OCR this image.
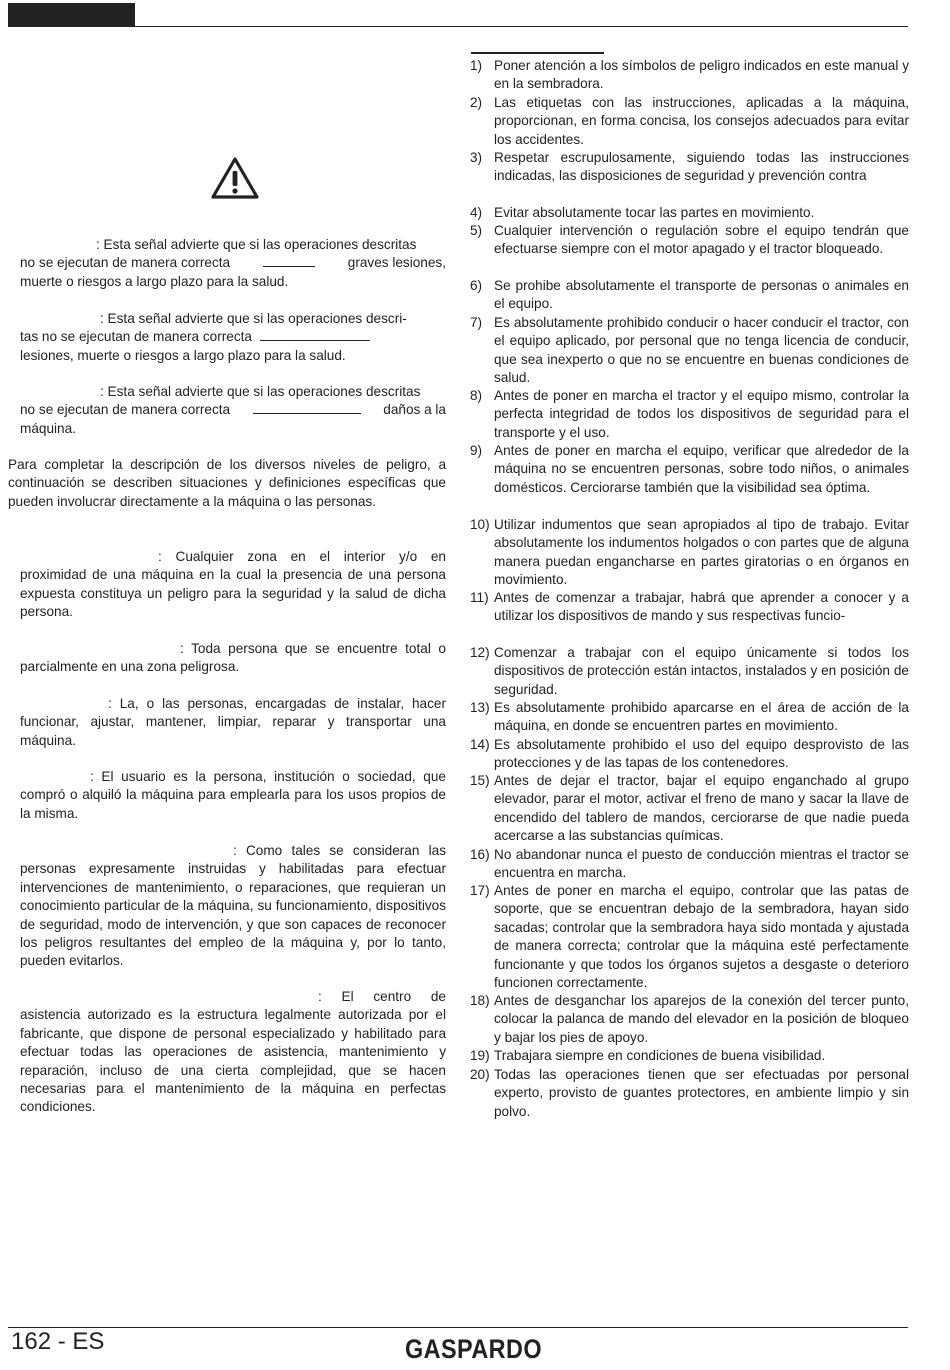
: Esta señal advierte que si las operaciones descritas
no se ejecutan de manera correcta	graves lesiones,
muerte o riesgos a largo plazo para la salud.
: Esta señal advierte que si las operaciones descri-
tas no se ejecutan de manera correcta
lesiones, muerte o riesgos a largo plazo para la salud.
: Esta señal advierte que si las operaciones descritas
no se ejecutan de manera correcta	daños a la
máquina.
Para completar la descripción de los diversos niveles de peligro, a continuación se describen situaciones y definiciones específicas que pueden involucrar directamente a la máquina o las personas.
: Cualquier zona en el interior y/o en proximidad de una máquina en la cual la presencia de una persona expuesta constituya un peligro para la seguridad y la salud de dicha persona.
: Toda persona que se encuentre total o parcialmente en una zona peligrosa.
: La, o las personas, encargadas de instalar, hacer funcionar, ajustar, mantener, limpiar, reparar y transportar una máquina.
: El usuario es la persona, institución o sociedad, que compró o alquiló la máquina para emplearla para los usos propios de la misma.
: Como tales se consideran las personas expresamente instruidas y habilitadas para efectuar intervenciones de mantenimiento, o reparaciones, que requieran un conocimiento particular de la máquina, su funcionamiento, dispositivos de seguridad, modo de intervención, y que son capaces de reconocer los peligros resultantes del empleo de la máquina y, por lo tanto, pueden evitarlos.
: El centro de asistencia autorizado es la estructura legalmente autorizada por el fabricante, que dispone de personal especializado y habilitado para efectuar todas las operaciones de asistencia, mantenimiento y reparación, incluso de una cierta complejidad, que se hacen necesarias para el mantenimiento de la máquina en perfectas condiciones.
1) Poner atención a los símbolos de peligro indicados en este manual y en la sembradora.
2) Las etiquetas con las instrucciones, aplicadas a la máquina, proporcionan, en forma concisa, los consejos adecuados para evitar los accidentes.
3) Respetar escrupulosamente, siguiendo todas las instrucciones indicadas, las disposiciones de seguridad y prevención contra
4) Evitar absolutamente tocar las partes en movimiento.
5) Cualquier intervención o regulación sobre el equipo tendrán que efectuarse siempre con el motor apagado y el tractor bloqueado.
6) Se prohibe absolutamente el transporte de personas o animales en el equipo.
7) Es absolutamente prohibido conducir o hacer conducir el tractor, con el equipo aplicado, por personal que no tenga licencia de conducir, que sea inexperto o que no se encuentre en buenas condiciones de salud.
8) Antes de poner en marcha el tractor y el equipo mismo, controlar la perfecta integridad de todos los dispositivos de seguridad para el transporte y el uso.
9) Antes de poner en marcha el equipo, verificar que alrededor de la máquina no se encuentren personas, sobre todo niños, o animales domésticos. Cerciorarse también que la visibilidad sea óptima.
10) Utilizar indumentos que sean apropiados al tipo de trabajo. Evitar absolutamente los indumentos holgados o con partes que de alguna manera puedan engancharse en partes giratorias o en órganos en movimiento.
11) Antes de comenzar a trabajar, habrá que aprender a conocer y a utilizar los dispositivos de mando y sus respectivas funcio-
12) Comenzar a trabajar con el equipo únicamente si todos los dispositivos de protección están intactos, instalados y en posición de seguridad.
13) Es absolutamente prohibido aparcarse en el área de acción de la máquina, en donde se encuentren partes en movimiento.
14) Es absolutamente prohibido el uso del equipo desprovisto de las protecciones y de las tapas de los contenedores.
15) Antes de dejar el tractor, bajar el equipo enganchado al grupo elevador, parar el motor, activar el freno de mano y sacar la llave de encendido del tablero de mandos, cerciorarse de que nadie pueda acercarse a las substancias químicas.
16) No abandonar nunca el puesto de conducción mientras el tractor se encuentra en marcha.
17) Antes de poner en marcha el equipo, controlar que las patas de soporte, que se encuentran debajo de la sembradora, hayan sido sacadas; controlar que la sembradora haya sido montada y ajustada de manera correcta; controlar que la máquina esté perfectamente funcionante y que todos los órganos sujetos a desgaste o deterioro funcionen correctamente.
18) Antes de desganchar los aparejos de la conexión del tercer punto, colocar la palanca de mando del elevador en la posición de bloqueo y bajar los pies de apoyo.
19) Trabajara siempre en condiciones de buena visibilidad.
20) Todas las operaciones tienen que ser efectuadas por personal experto, provisto de guantes protectores, en ambiente limpio y sin polvo.
162 - ES	GASPARDO
